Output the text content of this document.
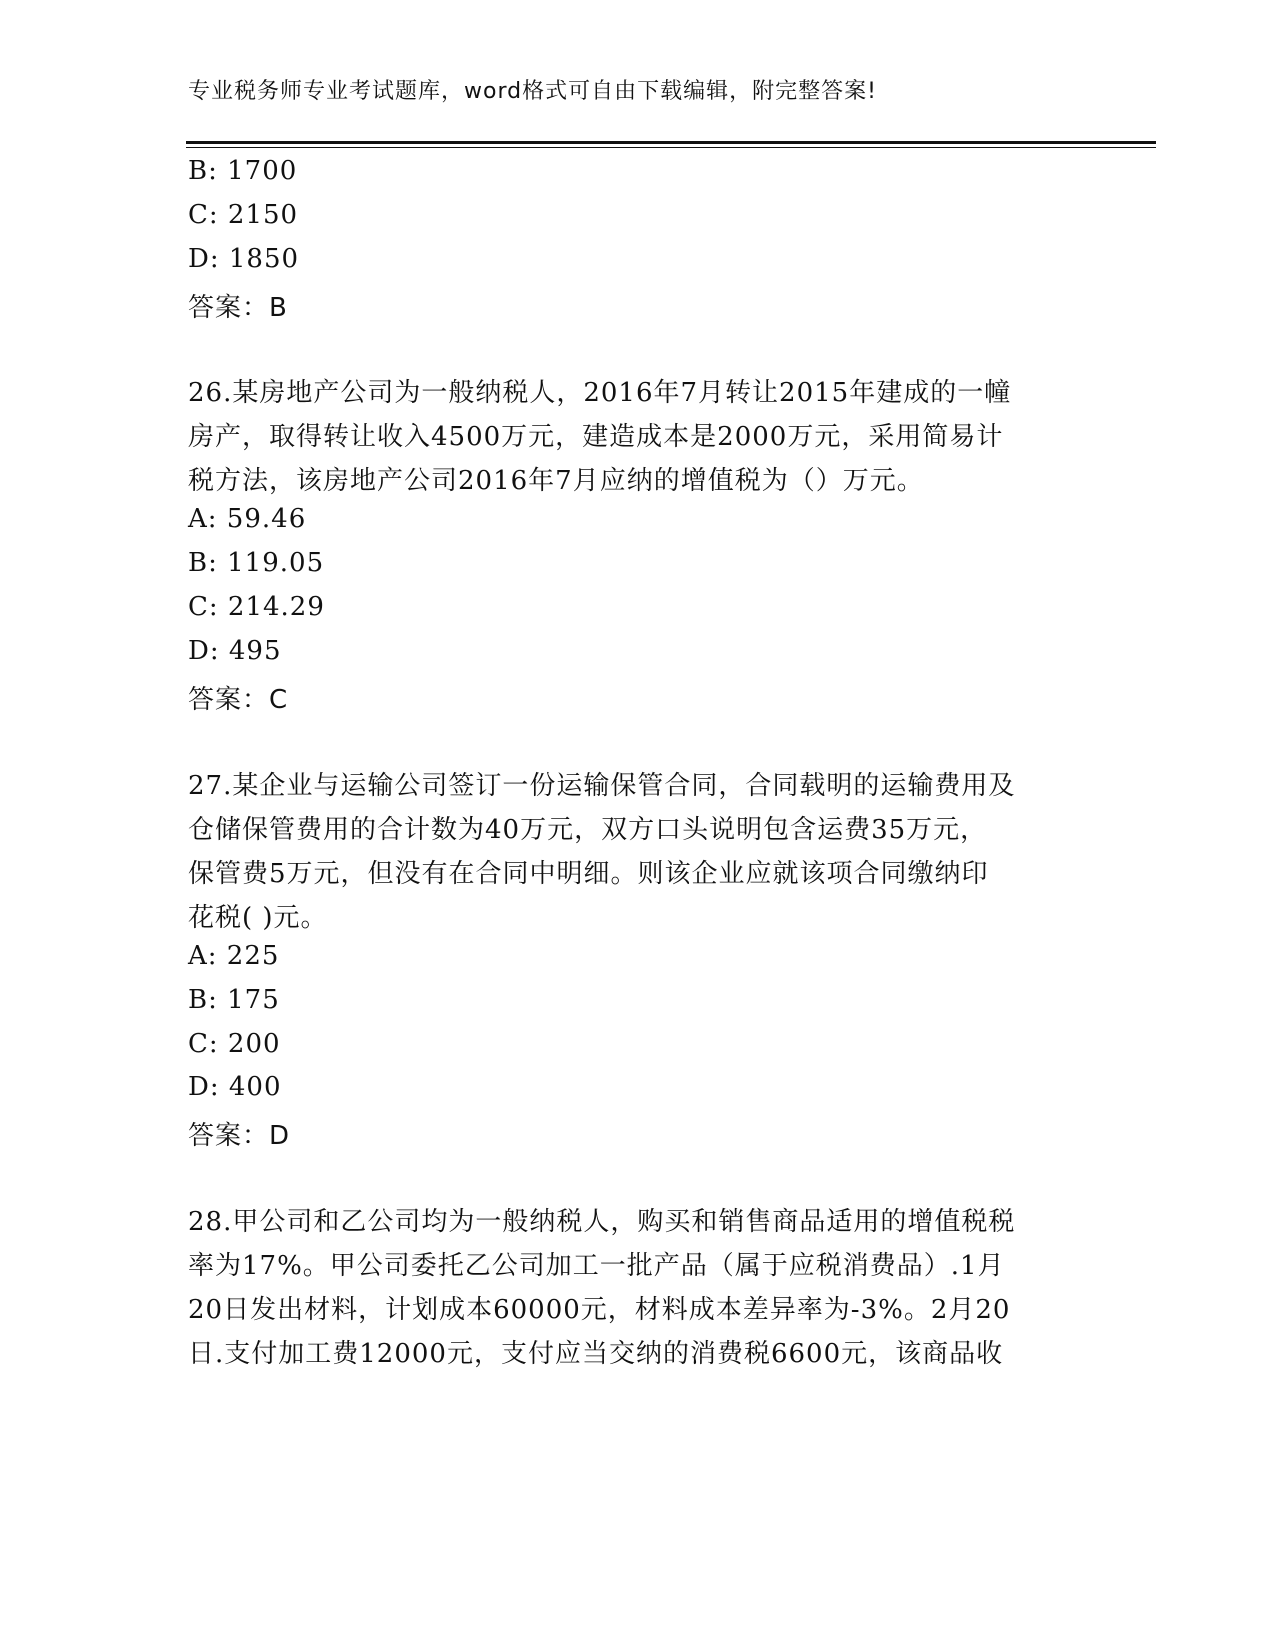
专业税务师专业考试题库，word格式可自由下载编辑，附完整答案!
B: 1700
C: 2150
D: 1850
答案：B
26.某房地产公司为一般纳税人，2016年7月转让2015年建成的一幢
房产，取得转让收入4500万元，建造成本是2000万元，采用简易计
税方法，该房地产公司2016年7月应纳的增值税为（）万元。
A: 59.46
B: 119.05
C: 214.29
D: 495
答案：C
27.某企业与运输公司签订一份运输保管合同，合同载明的运输费用及
仓储保管费用的合计数为40万元，双方口头说明包含运费35万元，
保管费5万元，但没有在合同中明细。则该企业应就该项合同缴纳印
花税( )元。
A: 225
B: 175
C: 200
D: 400
答案：D
28.甲公司和乙公司均为一般纳税人，购买和销售商品适用的增值税税
率为17%。甲公司委托乙公司加工一批产品（属于应税消费品）.1月
20日发出材料，计划成本60000元，材料成本差异率为-3%。2月20
日.支付加工费12000元，支付应当交纳的消费税6600元，该商品收
